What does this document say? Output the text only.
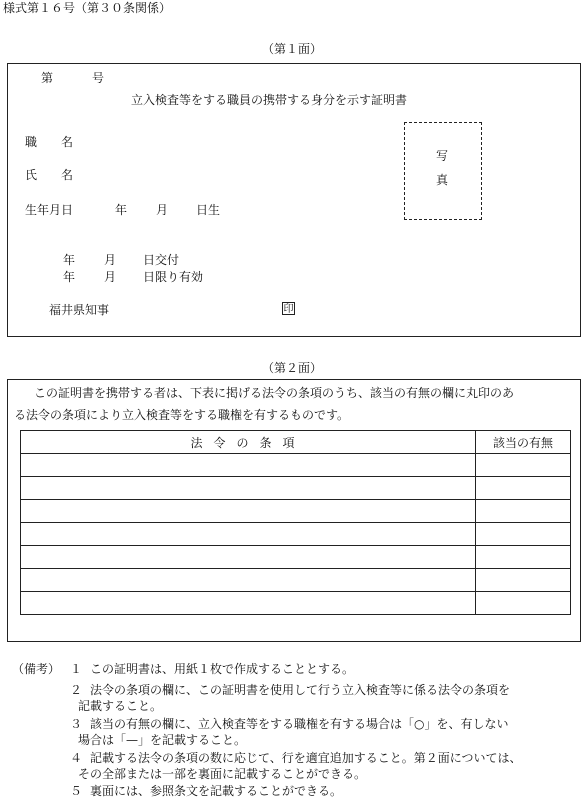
様式第１６号（第３０条関係）
（第１面）
第	号
立入検査等をする職員の携帯する身分を示す証明書
職　　名
氏　　名
生年月日	年 月 日生
写
真
年 月 日交付
年 月 日限り有効
福井県知事	印
（第２面）
この証明書を携帯する者は、下表に掲げる法令の条項のうち、該当の有無の欄に丸印のあ
る法令の条項により立入検査等をする職権を有するものです。
法令の条項	該当の有無

（備考） １ この証明書は、用紙１枚で作成することとする。
２ 法令の条項の欄に、この証明書を使用して行う立入検査等に係る法令の条項を
記載すること。
３ 該当の有無の欄に、立入検査等をする職権を有する場合は「○」を、有しない
場合は「—」を記載すること。
４ 記載する法令の条項の数に応じて、行を適宜追加すること。第２面については、
その全部または一部を裏面に記載することができる。
５ 裏面には、参照条文を記載することができる。
